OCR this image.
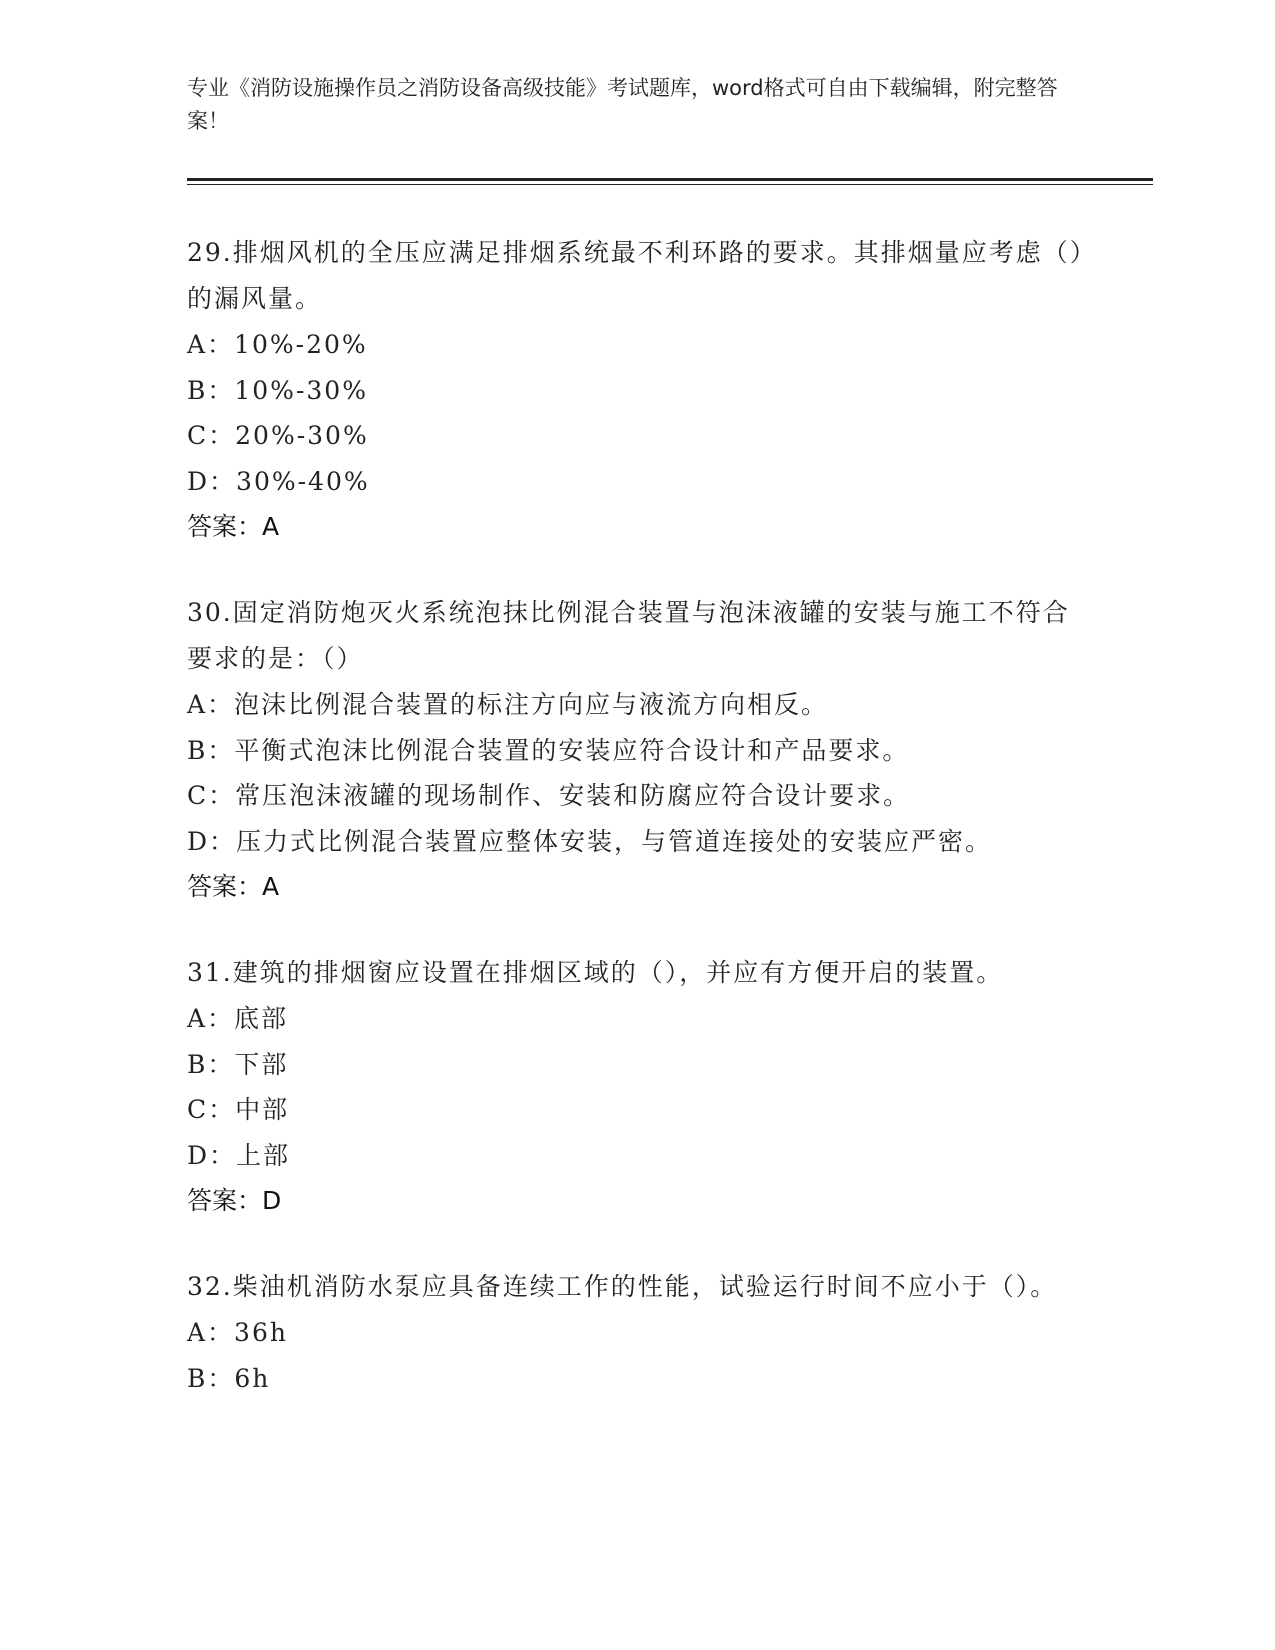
专业《消防设施操作员之消防设备高级技能》考试题库，word格式可自由下载编辑，附完整答案！

29.排烟风机的全压应满足排烟系统最不利环路的要求。其排烟量应考虑（）的漏风量。

A：10%-20%

B：10%-30%

C：20%-30%

D：30%-40%

答案：A

30.固定消防炮灭火系统泡抹比例混合装置与泡沫液罐的安装与施工不符合要求的是：（）

A：泡沫比例混合装置的标注方向应与液流方向相反。

B：平衡式泡沫比例混合装置的安装应符合设计和产品要求。

C：常压泡沫液罐的现场制作、安装和防腐应符合设计要求。

D：压力式比例混合装置应整体安装，与管道连接处的安装应严密。

答案：A

31.建筑的排烟窗应设置在排烟区域的（），并应有方便开启的装置。

A：底部

B：下部

C：中部

D：上部

答案：D

32.柴油机消防水泵应具备连续工作的性能，试验运行时间不应小于（）。

A：36h

B：6h
